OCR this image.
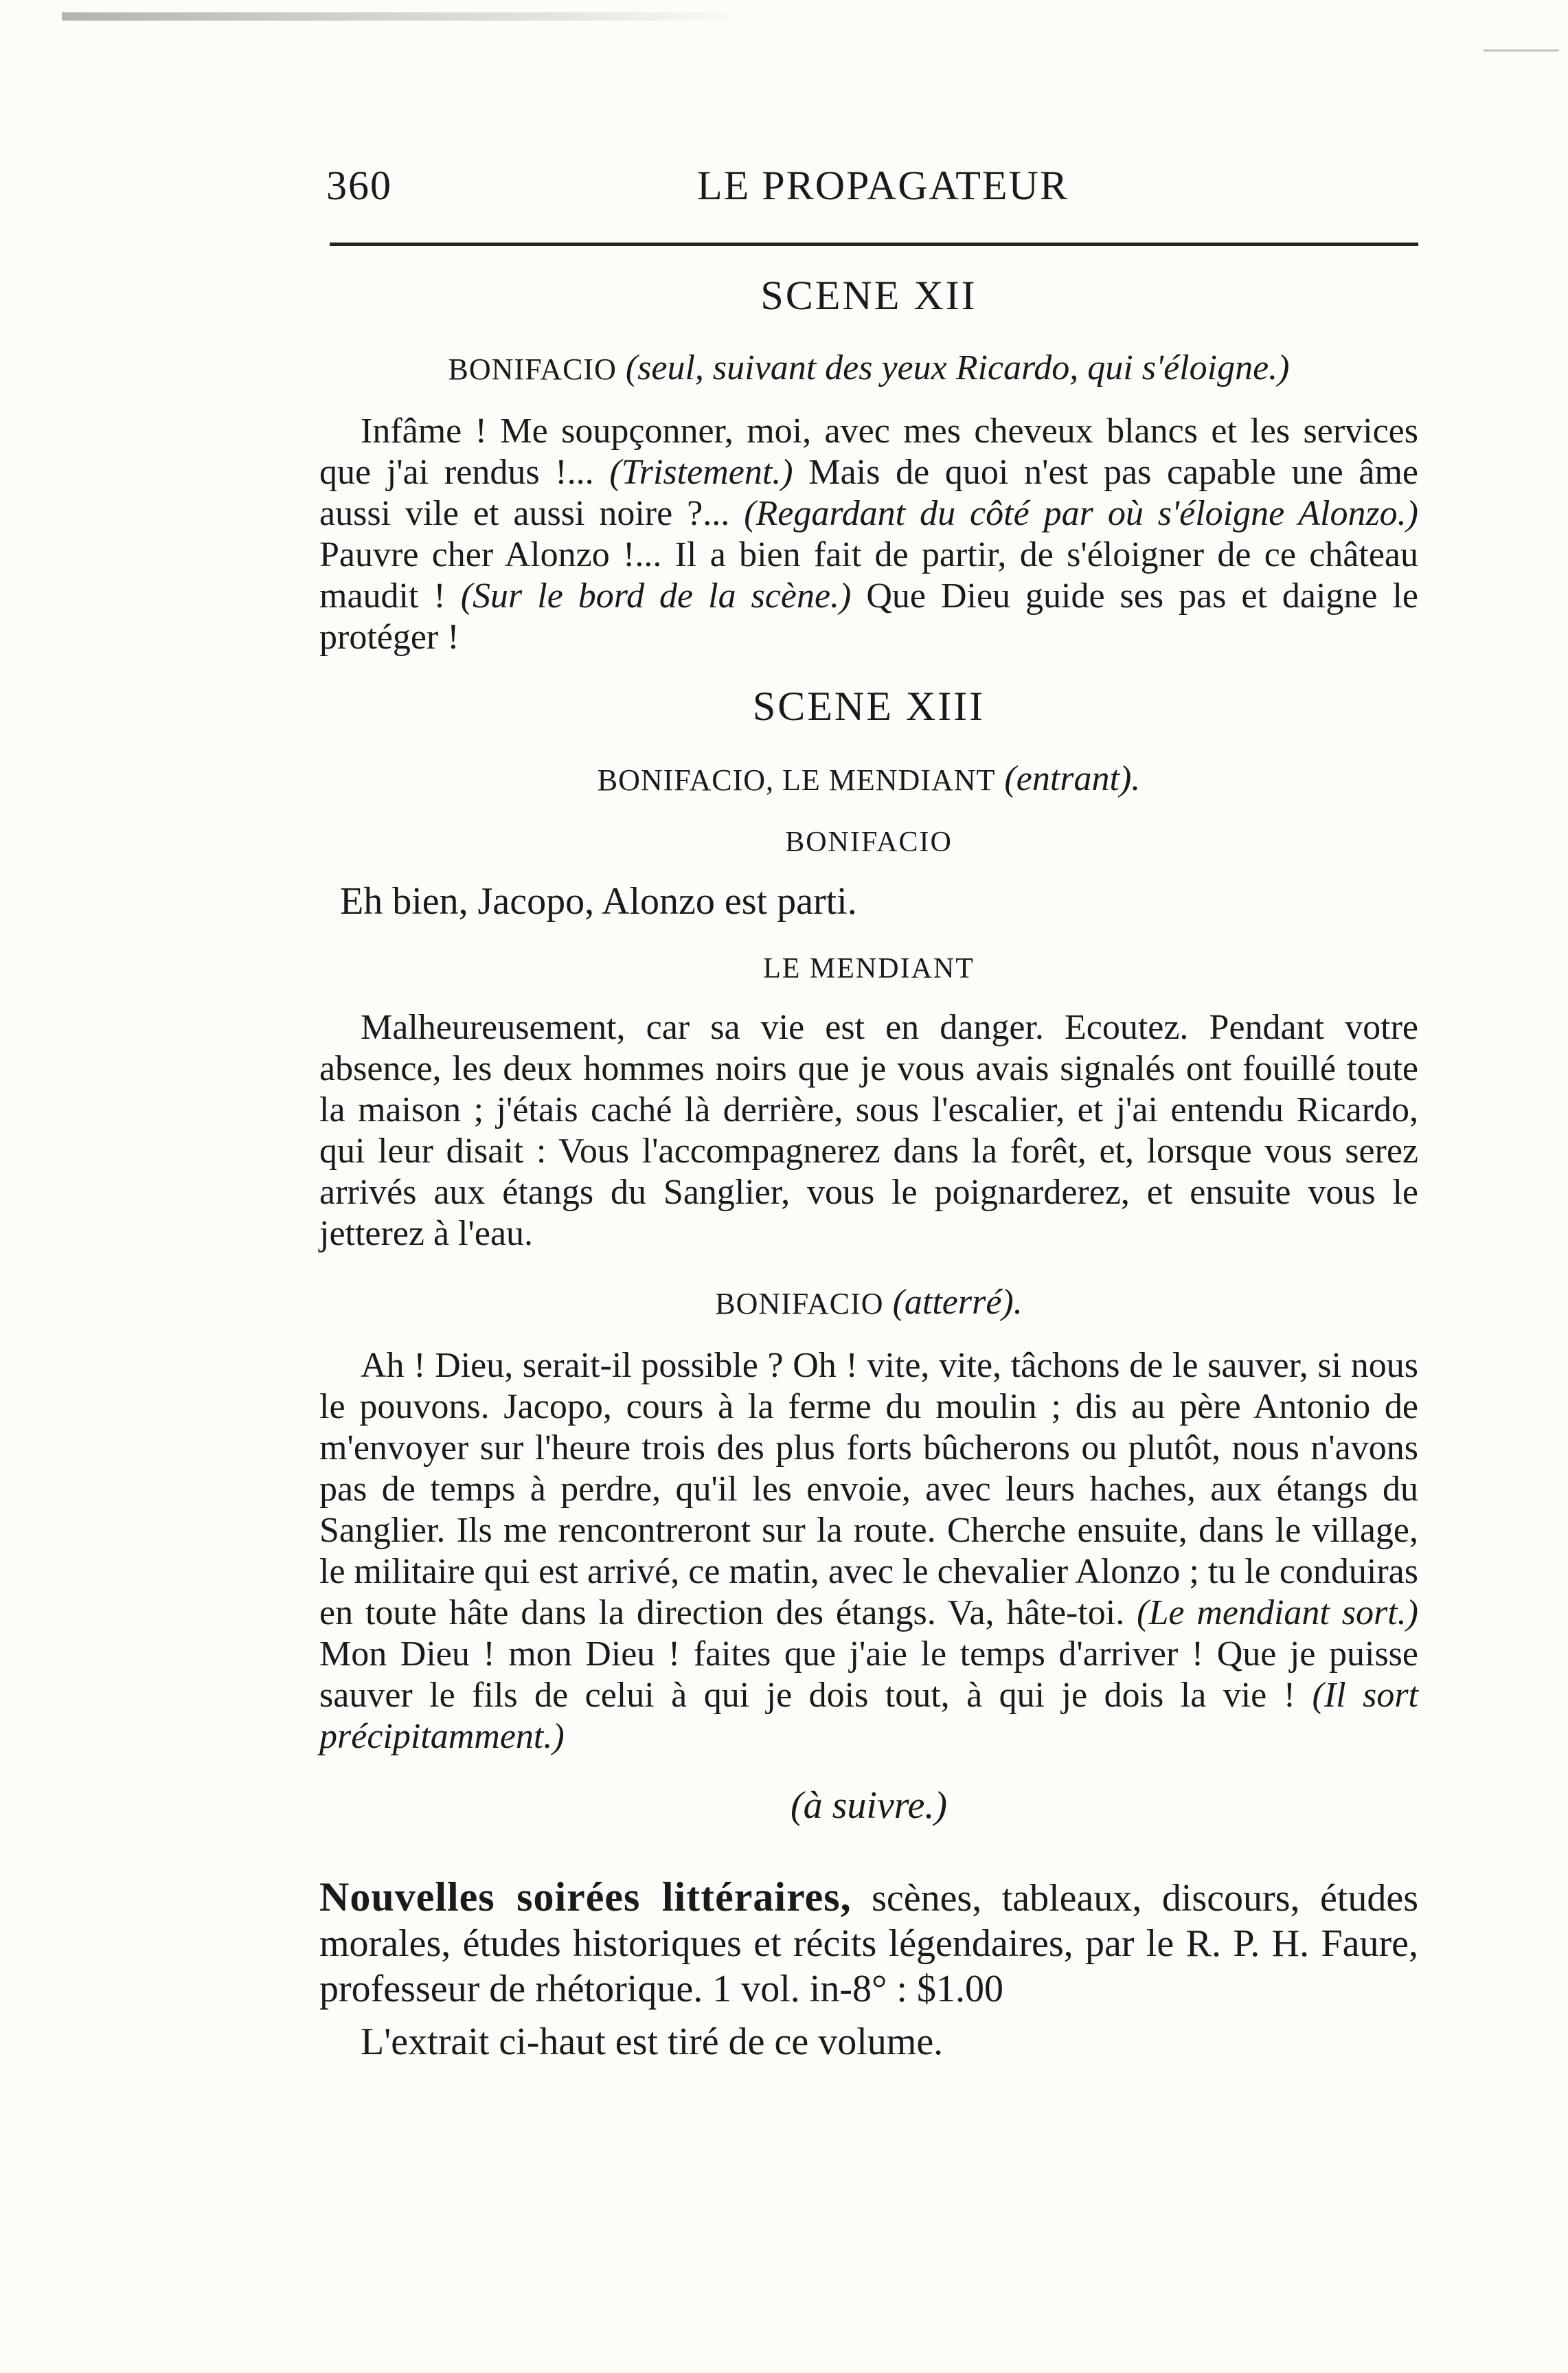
360	LE PROPAGATEUR
SCENE XII
BONIFACIO (seul, suivant des yeux Ricardo, qui s'éloigne.)

Infâme ! Me soupçonner, moi, avec mes cheveux blancs et les services que j'ai rendus !... (Tristement.) Mais de quoi n'est pas capable une âme aussi vile et aussi noire ?... (Regardant du côté par où s'éloigne Alonzo.) Pauvre cher Alonzo !... Il a bien fait de partir, de s'éloigner de ce château maudit ! (Sur le bord de la scène.) Que Dieu guide ses pas et daigne le protéger !

SCENE XIII
BONIFACIO, LE MENDIANT (entrant).
BONIFACIO

Eh bien, Jacopo, Alonzo est parti.

LE MENDIANT

Malheureusement, car sa vie est en danger. Ecoutez. Pendant votre absence, les deux hommes noirs que je vous avais signalés ont fouillé toute la maison ; j'étais caché là derrière, sous l'escalier, et j'ai entendu Ricardo, qui leur disait : Vous l'accompagnerez dans la forêt, et, lorsque vous serez arrivés aux étangs du Sanglier, vous le poignarderez, et ensuite vous le jetterez à l'eau.

BONIFACIO (atterré).

Ah ! Dieu, serait-il possible ? Oh ! vite, vite, tâchons de le sauver, si nous le pouvons. Jacopo, cours à la ferme du moulin ; dis au père Antonio de m'envoyer sur l'heure trois des plus forts bûcherons ou plutôt, nous n'avons pas de temps à perdre, qu'il les envoie, avec leurs haches, aux étangs du Sanglier. Ils me rencontreront sur la route. Cherche ensuite, dans le village, le militaire qui est arrivé, ce matin, avec le chevalier Alonzo ; tu le conduiras en toute hâte dans la direction des étangs. Va, hâte-toi. (Le mendiant sort.) Mon Dieu ! mon Dieu ! faites que j'aie le temps d'arriver ! Que je puisse sauver le fils de celui à qui je dois tout, à qui je dois la vie ! (Il sort précipitamment.)

(à suivre.)

Nouvelles soirées littéraires, scènes, tableaux, discours, études morales, études historiques et récits légendaires, par le R. P. H. Faure, professeur de rhétorique. 1 vol. in-8° : $1.00

L'extrait ci-haut est tiré de ce volume.
